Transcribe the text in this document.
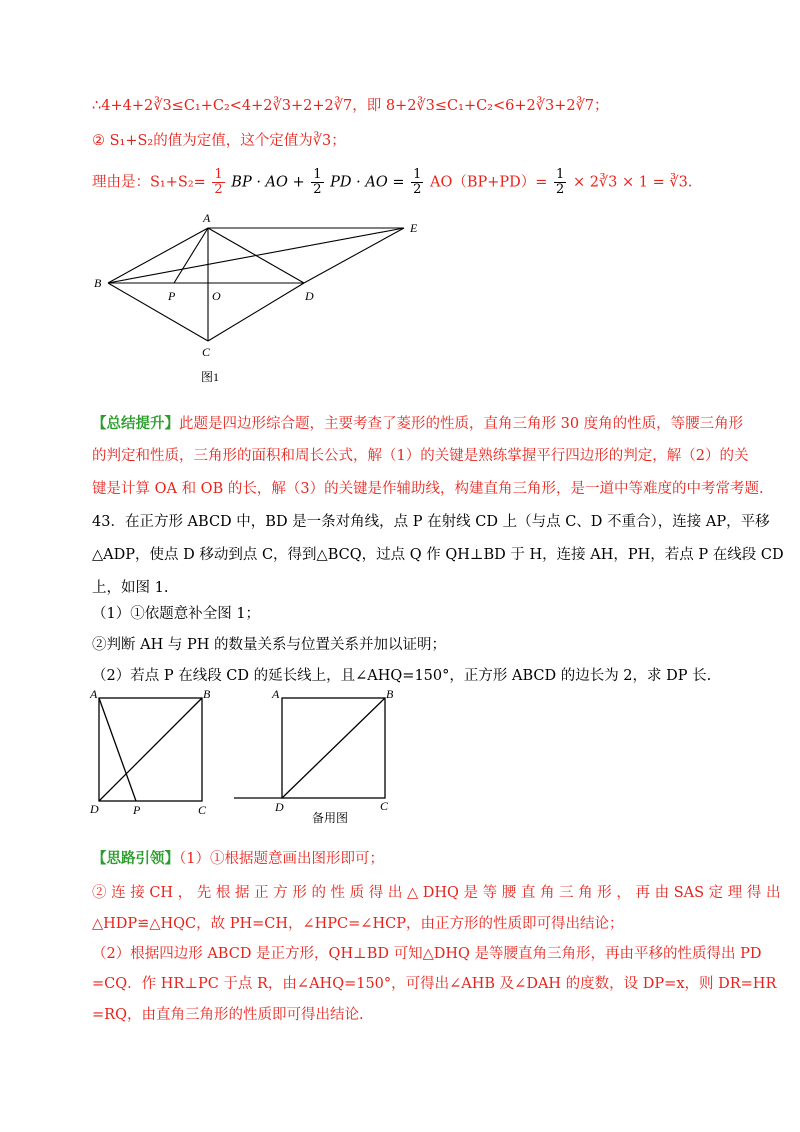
∴4+4+2∛3≤C₁+C₂<4+2∛3+2+2∛7，即 8+2∛3≤C₁+C₂<6+2∛3+2∛7；
② S₁+S₂的值为定值，这个定值为∛3；
理由是：$S_1+S_2= \frac{1}{2}$ BP · AO + $\frac{1}{2}$ PD · AO = $\frac{1}{2} AO(BP+PD)= \frac{1}{2}$ × 2∛3 × 1 = ∛3.
A
E
B
P	O	D
C
图1
【总结提升】此题是四边形综合题，主要考查了菱形的性质，直角三角形 30 度角的性质，等腰三角形
的判定和性质，三角形的面积和周长公式，解（1）的关键是熟练掌握平行四边形的判定，解（2）的关
键是计算 OA 和 OB 的长，解（3）的关键是作辅助线，构建直角三角形，是一道中等难度的中考常考题.
43．在正方形 ABCD 中，BD 是一条对角线，点 P 在射线 CD 上（与点 C、D 不重合），连接 AP，平移
△ADP，使点 D 移动到点 C，得到△BCQ，过点 Q 作 QH⊥BD 于 H，连接 AH，PH，若点 P 在线段 CD
上，如图 1.
（1）①依题意补全图 1；
②判断 AH 与 PH 的数量关系与位置关系并加以证明；
（2）若点 P 在线段 CD 的延长线上，且∠AHQ=150°，正方形 ABCD 的边长为 2，求 DP 长.
A	B
D	P	C
A	B
D	C
备用图
【思路引领】（1）①根据题意画出图形即可；
② 连 接 CH ， 先 根 据 正 方 形 的 性 质 得 出 △ DHQ 是 等 腰 直 角 三 角 形 ， 再 由 SAS 定 理 得 出
△HDP≌△HQC，故 PH=CH，∠HPC=∠HCP，由正方形的性质即可得出结论；
（2）根据四边形 ABCD 是正方形，QH⊥BD 可知△DHQ 是等腰直角三角形，再由平移的性质得出 PD
=CQ．作 HR⊥PC 于点 R，由∠AHQ=150°，可得出∠AHB 及∠DAH 的度数，设 DP=x，则 DR=HR
=RQ，由直角三角形的性质即可得出结论.
